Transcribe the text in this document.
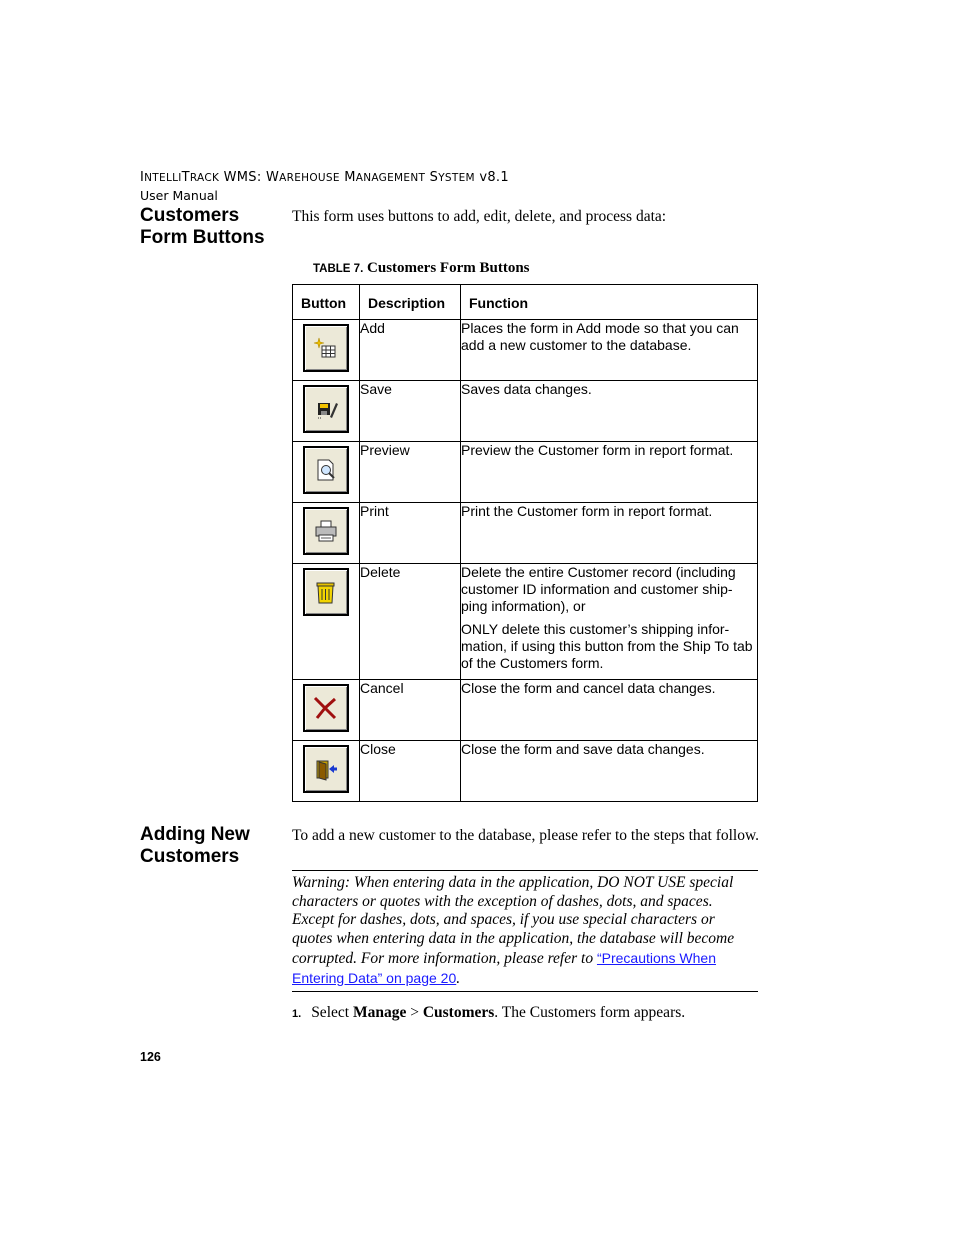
INTELLITRACK WMS: WAREHOUSE MANAGEMENT SYSTEM v8.1
User Manual
Customers Form Buttons
This form uses buttons to add, edit, delete, and process data:
TABLE 7. Customers Form Buttons
Button	Description	Function

	Add	Places the form in Add mode so that you can add a new customer to the database.

	Save	Saves data changes.

	Preview	Preview the Customer form in report format.

	Print	Print the Customer form in report format.

	Delete	Delete the entire Customer record (including customer ID information and customer ship-ping information), or

ONLY delete this customer’s shipping infor-mation, if using this button from the Ship To tab of the Customers form.

	Cancel	Close the form and cancel data changes.

	Close	Close the form and save data changes.

Adding New Customers
To add a new customer to the database, please refer to the steps that follow.
Warning: When entering data in the application, DO NOT USE special characters or quotes with the exception of dashes, dots, and spaces. Except for dashes, dots, and spaces, if you use special characters or quotes when entering data in the application, the database will become corrupted. For more information, please refer to “Precautions When Entering Data” on page 20.
1. Select Manage > Customers. The Customers form appears.
126
